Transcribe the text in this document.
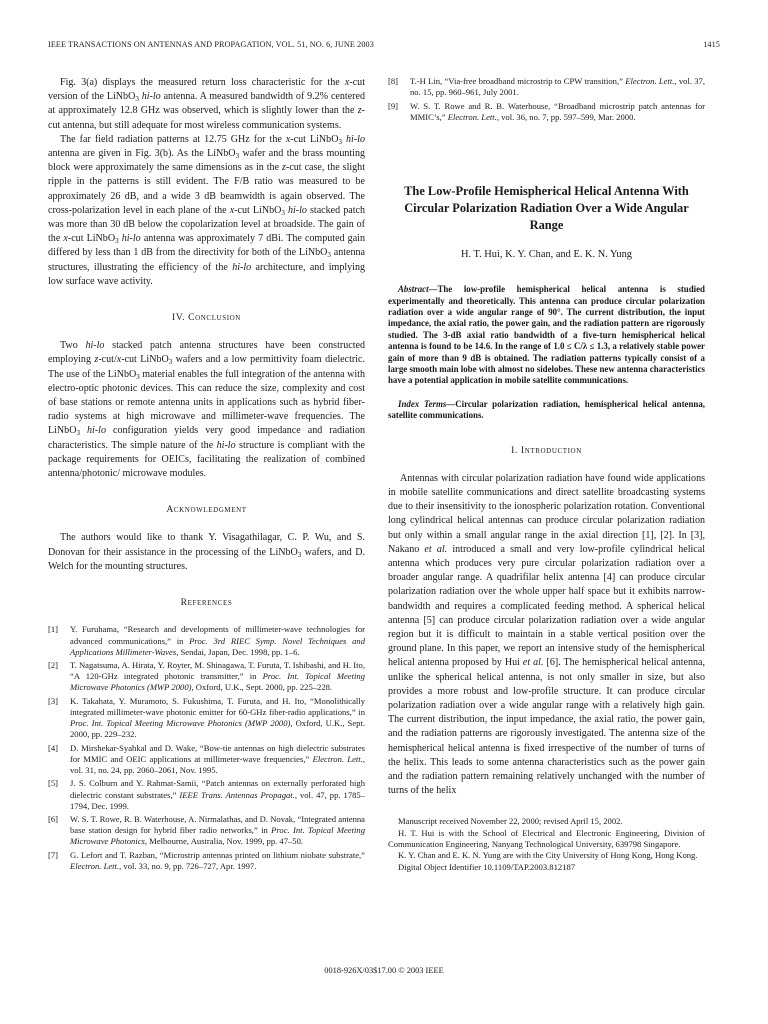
IEEE TRANSACTIONS ON ANTENNAS AND PROPAGATION, VOL. 51, NO. 6, JUNE 2003	1415

Fig. 3(a) displays the measured return loss characteristic for the x-cut version of the LiNbO$_3$ hi-lo antenna. A measured bandwidth of 9.2% centered at approximately 12.8 GHz was observed, which is slightly lower than the z-cut antenna, but still adequate for most wireless communication systems.

The far field radiation patterns at 12.75 GHz for the x-cut LiNbO$_3$ hi-lo antenna are given in Fig. 3(b). As the LiNbO$_3$ wafer and the brass mounting block were approximately the same dimensions as in the z-cut case, the slight ripple in the patterns is still evident. The F/B ratio was measured to be approximately 26 dB, and a wide 3 dB beamwidth is again observed. The cross-polarization level in each plane of the x-cut LiNbO$_3$ hi-lo stacked patch was more than 30 dB below the copolarization level at broadside. The gain of the x-cut LiNbO$_3$ hi-lo antenna was approximately 7 dBi. The computed gain differed by less than 1 dB from the directivity for both of the LiNbO$_3$ antenna structures, illustrating the efficiency of the hi-lo architecture, and implying low surface wave activity.

IV. Conclusion

Two hi-lo stacked patch antenna structures have been constructed employing z-cut/x-cut LiNbO$_3$ wafers and a low permittivity foam dielectric. The use of the LiNbO$_3$ material enables the full integration of the antenna with electro-optic photonic devices. This can reduce the size, complexity and cost of base stations or remote antenna units in applications such as hybrid fiber-radio systems at high microwave and millimeter-wave frequencies. The LiNbO$_3$ hi-lo configuration yields very good impedance and radiation characteristics. The simple nature of the hi-lo structure is compliant with the package requirements for OEICs, facilitating the realization of combined antenna/photonic/ microwave modules.

Acknowledgment

The authors would like to thank Y. Visagathilagar, C. P. Wu, and S. Donovan for their assistance in the processing of the LiNbO$_3$ wafers, and D. Welch for the mounting structures.

References
[1] Y. Furuhama, “Research and developments of millimeter-wave technologies for advanced communications,” in Proc. 3rd RIEC Symp. Novel Techniques and Applications Millimeter-Waves, Sendai, Japan, Dec. 1998, pp. 1–6.
[2] T. Nagatsuma, A. Hirata, Y. Royter, M. Shinagawa, T. Furuta, T. Ishibashi, and H. Ito, “A 120-GHz integrated photonic transmitter,” in Proc. Int. Topical Meeting Microwave Photonics (MWP 2000), Oxford, U.K., Sept. 2000, pp. 225–228.
[3] K. Takahata, Y. Muramoto, S. Fukushima, T. Furuta, and H. Ito, “Monolithically integrated millimeter-wave photonic emitter for 60-GHz fiber-radio applications,” in Proc. Int. Topical Meeting Microwave Photonics (MWP 2000), Oxford, U.K., Sept. 2000, pp. 229–232.
[4] D. Mirshekar-Syahkal and D. Wake, “Bow-tie antennas on high dielectric substrates for MMIC and OEIC applications at millimeter-wave frequencies,” Electron. Lett., vol. 31, no. 24, pp. 2060–2061, Nov. 1995.
[5] J. S. Colburn and Y. Rahmat-Samii, “Patch antennas on externally perforated high dielectric constant substrates,” IEEE Trans. Antennas Propagat., vol. 47, pp. 1785–1794, Dec. 1999.
[6] W. S. T. Rowe, R. B. Waterhouse, A. Nirmalathas, and D. Novak, “Integrated antenna base station design for hybrid fiber radio networks,” in Proc. Int. Topical Meeting Microwave Photonics, Melbourne, Australia, Nov. 1999, pp. 47–50.
[7] G. Lefort and T. Razban, “Microstrip antennas printed on lithium niobate substrate,” Electron. Lett., vol. 33, no. 9, pp. 726–727, Apr. 1997.
[8] T.-H Lin, “Via-free broadband microstrip to CPW transition,” Electron. Lett., vol. 37, no. 15, pp. 960–961, July 2001.
[9] W. S. T. Rowe and R. B. Waterhouse, “Broadband microstrip patch antennas for MMIC’s,” Electron. Lett., vol. 36, no. 7, pp. 597–599, Mar. 2000.
The Low-Profile Hemispherical Helical Antenna With Circular Polarization Radiation Over a Wide Angular Range
H. T. Hui, K. Y. Chan, and E. K. N. Yung

Abstract—The low-profile hemispherical helical antenna is studied experimentally and theoretically. This antenna can produce circular polarization radiation over a wide angular range of 90°. The current distribution, the input impedance, the axial ratio, the power gain, and the radiation pattern are rigorously studied. The 3-dB axial ratio bandwidth of a five-turn hemispherical helical antenna is found to be 14.6. In the range of 1.0 ≤ C/λ ≤ 1.3, a relatively stable power gain of more than 9 dB is obtained. The radiation patterns typically consist of a large smooth main lobe with almost no sidelobes. These new antenna characteristics have a potential application in mobile satellite communications.

Index Terms—Circular polarization radiation, hemispherical helical antenna, satellite communications.

I. Introduction

Antennas with circular polarization radiation have found wide applications in mobile satellite communications and direct satellite broadcasting systems due to their insensitivity to the ionospheric polarization rotation. Conventional long cylindrical helical antennas can produce circular polarization radiation but only within a small angular range in the axial direction [1], [2]. In [3], Nakano et al. introduced a small and very low-profile cylindrical helical antenna which produces very pure circular polarization radiation over a broader angular range. A quadrifilar helix antenna [4] can produce circular polarization radiation over the whole upper half space but it exhibits narrow-bandwidth and requires a complicated feeding method. A spherical helical antenna [5] can produce circular polarization radiation over a wide angular region but it is difficult to maintain in a stable vertical position over the ground plane. In this paper, we report an intensive study of the hemispherical helical antenna proposed by Hui et al. [6]. The hemispherical helical antenna, unlike the spherical helical antenna, is not only smaller in size, but also provides a more robust and low-profile structure. It can produce circular polarization radiation over a wide angular range with a relatively high gain. The current distribution, the input impedance, the axial ratio, the power gain, and the radiation patterns are rigorously investigated. The antenna size of the hemispherical helical antenna is fixed irrespective of the number of turns of the helix. This leads to some antenna characteristics such as the power gain and the radiation pattern remaining relatively unchanged with the number of turns of the helix

Manuscript received November 22, 2000; revised April 15, 2002.

H. T. Hui is with the School of Electrical and Electronic Engineering, Division of Communication Engineering, Nanyang Technological University, 639798 Singapore.

K. Y. Chan and E. K. N. Yung are with the City University of Hong Kong, Hong Kong.

Digital Object Identifier 10.1109/TAP.2003.812187

0018-926X/03$17.00 © 2003 IEEE
